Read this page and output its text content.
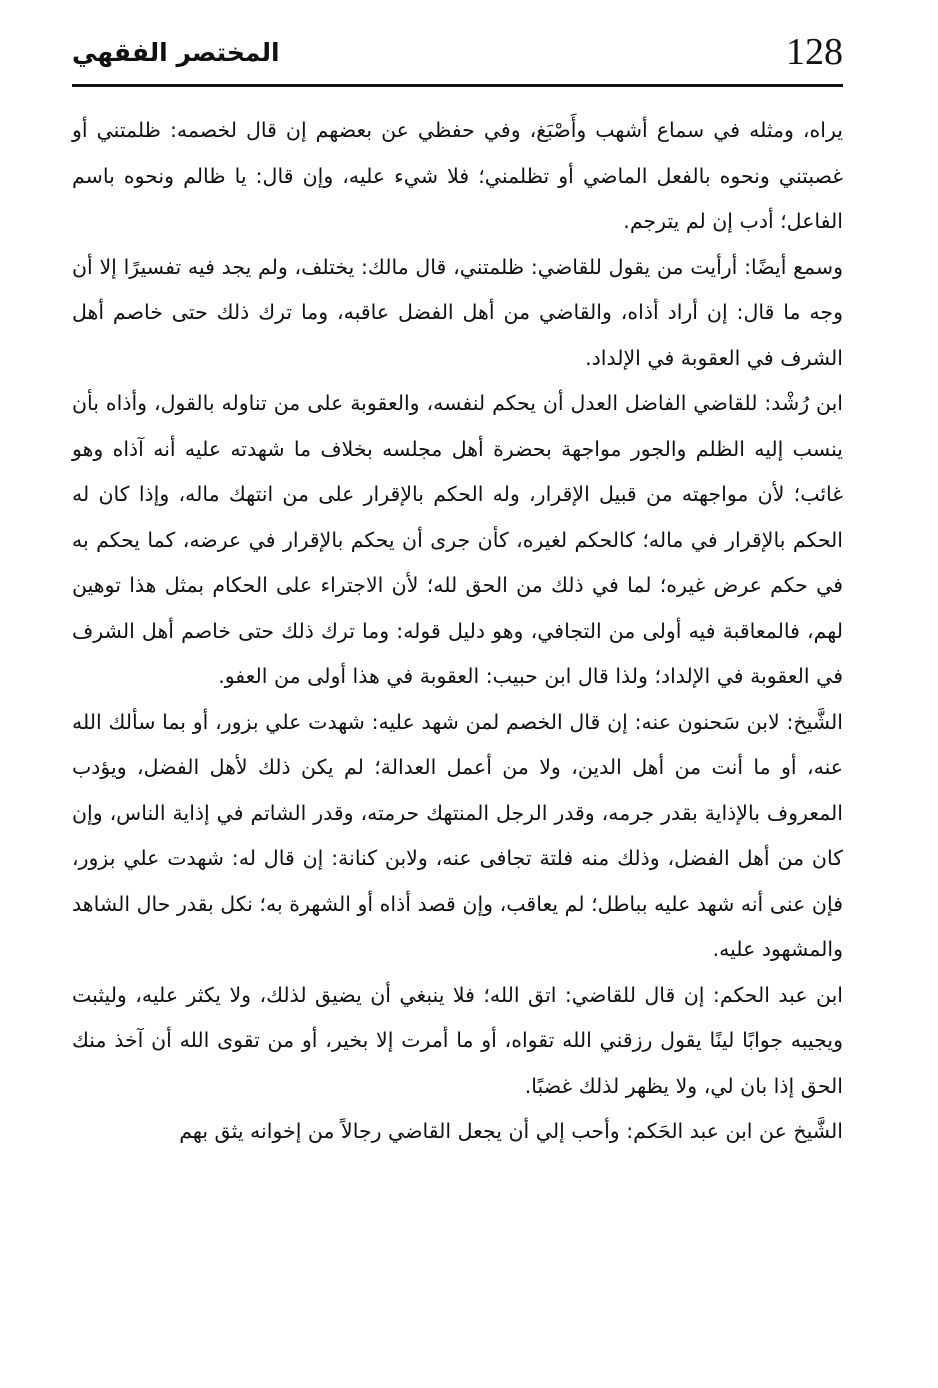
128
المختصر الفقهي

يراه، ومثله في سماع أشهب وأَصْبَغ، وفي حفظي عن بعضهم إن قال لخصمه: ظلمتني أو غصبتني ونحوه بالفعل الماضي أو تظلمني؛ فلا شيء عليه، وإن قال: يا ظالم ونحوه باسم الفاعل؛ أدب إن لم يترجم.

وسمع أيضًا: أرأيت من يقول للقاضي: ظلمتني، قال مالك: يختلف، ولم يجد فيه تفسيرًا إلا أن وجه ما قال: إن أراد أذاه، والقاضي من أهل الفضل عاقبه، وما ترك ذلك حتى خاصم أهل الشرف في العقوبة في الإلداد.

ابن رُشْد: للقاضي الفاضل العدل أن يحكم لنفسه، والعقوبة على من تناوله بالقول، وأذاه بأن ينسب إليه الظلم والجور مواجهة بحضرة أهل مجلسه بخلاف ما شهدته عليه أنه آذاه وهو غائب؛ لأن مواجهته من قبيل الإقرار، وله الحكم بالإقرار على من انتهك ماله، وإذا كان له الحكم بالإقرار في ماله؛ كالحكم لغيره، كأن جرى أن يحكم بالإقرار في عرضه، كما يحكم به في حكم عرض غيره؛ لما في ذلك من الحق لله؛ لأن الاجتراء على الحكام بمثل هذا توهين لهم، فالمعاقبة فيه أولى من التجافي، وهو دليل قوله: وما ترك ذلك حتى خاصم أهل الشرف في العقوبة في الإلداد؛ ولذا قال ابن حبيب: العقوبة في هذا أولى من العفو.

الشَّيخ: لابن سَحنون عنه: إن قال الخصم لمن شهد عليه: شهدت علي بزور، أو بما سألك الله عنه، أو ما أنت من أهل الدين، ولا من أعمل العدالة؛ لم يكن ذلك لأهل الفضل، ويؤدب المعروف بالإذاية بقدر جرمه، وقدر الرجل المنتهك حرمته، وقدر الشاتم في إذاية الناس، وإن كان من أهل الفضل، وذلك منه فلتة تجافى عنه، ولابن كنانة: إن قال له: شهدت علي بزور، فإن عنى أنه شهد عليه بباطل؛ لم يعاقب، وإن قصد أذاه أو الشهرة به؛ نكل بقدر حال الشاهد والمشهود عليه.

ابن عبد الحكم: إن قال للقاضي: اتق الله؛ فلا ينبغي أن يضيق لذلك، ولا يكثر عليه، وليثبت ويجيبه جوابًا لينًا يقول رزقني الله تقواه، أو ما أمرت إلا بخير، أو من تقوى الله أن آخذ منك الحق إذا بان لي، ولا يظهر لذلك غضبًا.

الشَّيخ عن ابن عبد الحَكم: وأحب إلي أن يجعل القاضي رجالاً من إخوانه يثق بهم
